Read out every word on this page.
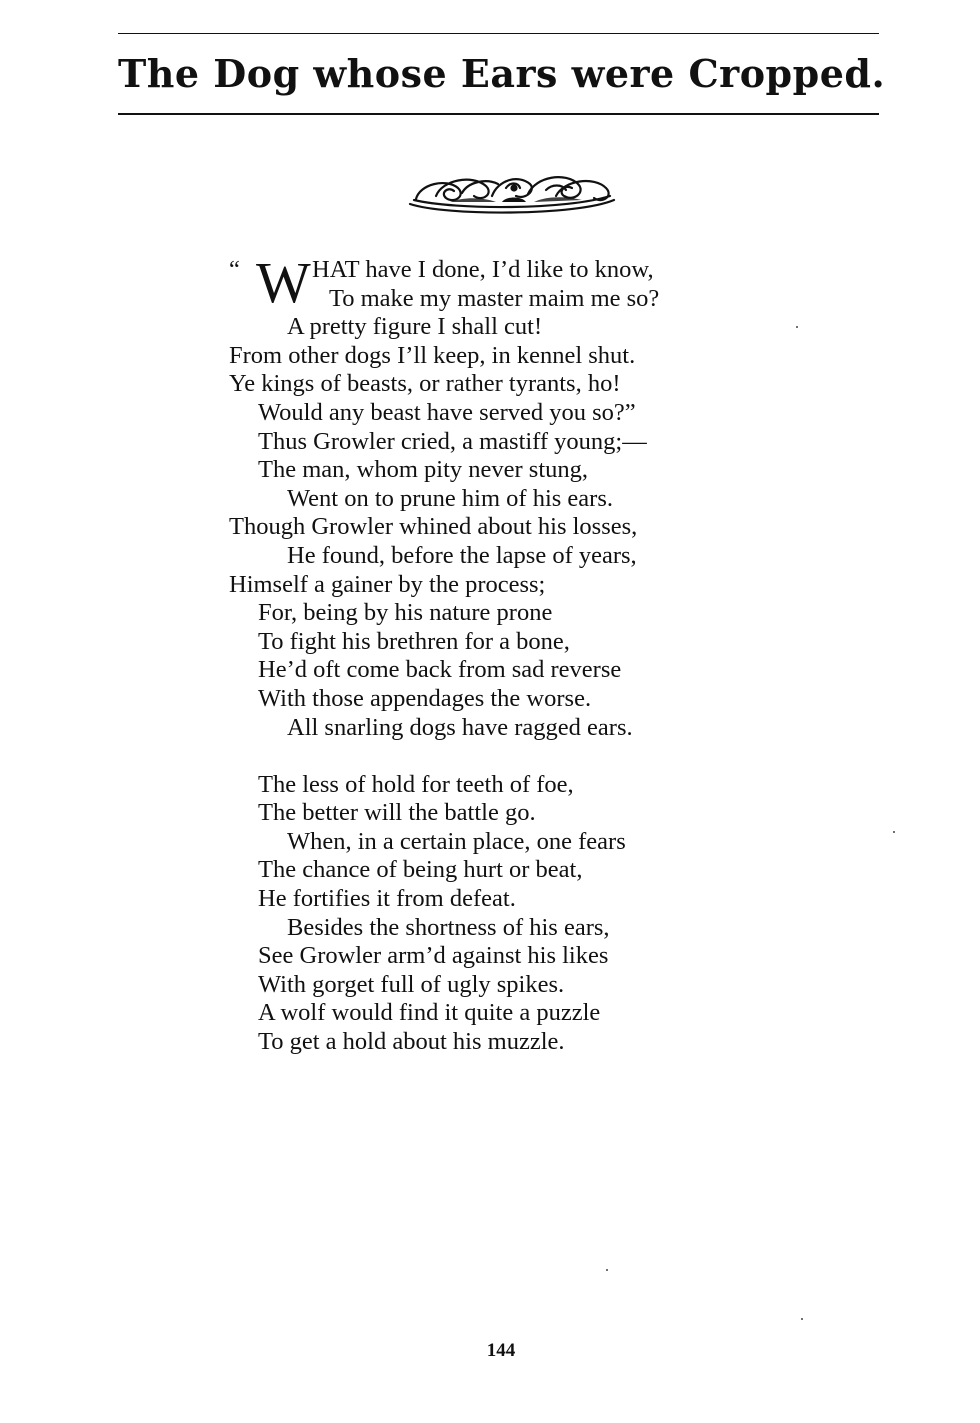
The Dog whose Ears were Cropped.
“ W HAT have I done, I’d like to know,
To make my master maim me so?
A pretty figure I shall cut!
From other dogs I’ll keep, in kennel shut.
Ye kings of beasts, or rather tyrants, ho!
Would any beast have served you so?”
Thus Growler cried, a mastiff young;—
The man, whom pity never stung,
Went on to prune him of his ears.
Though Growler whined about his losses,
He found, before the lapse of years,
Himself a gainer by the process;
For, being by his nature prone
To fight his brethren for a bone,
He’d oft come back from sad reverse
With those appendages the worse.
All snarling dogs have ragged ears.
The less of hold for teeth of foe,
The better will the battle go.
When, in a certain place, one fears
The chance of being hurt or beat,
He fortifies it from defeat.
Besides the shortness of his ears,
See Growler arm’d against his likes
With gorget full of ugly spikes.
A wolf would find it quite a puzzle
To get a hold about his muzzle.
144
